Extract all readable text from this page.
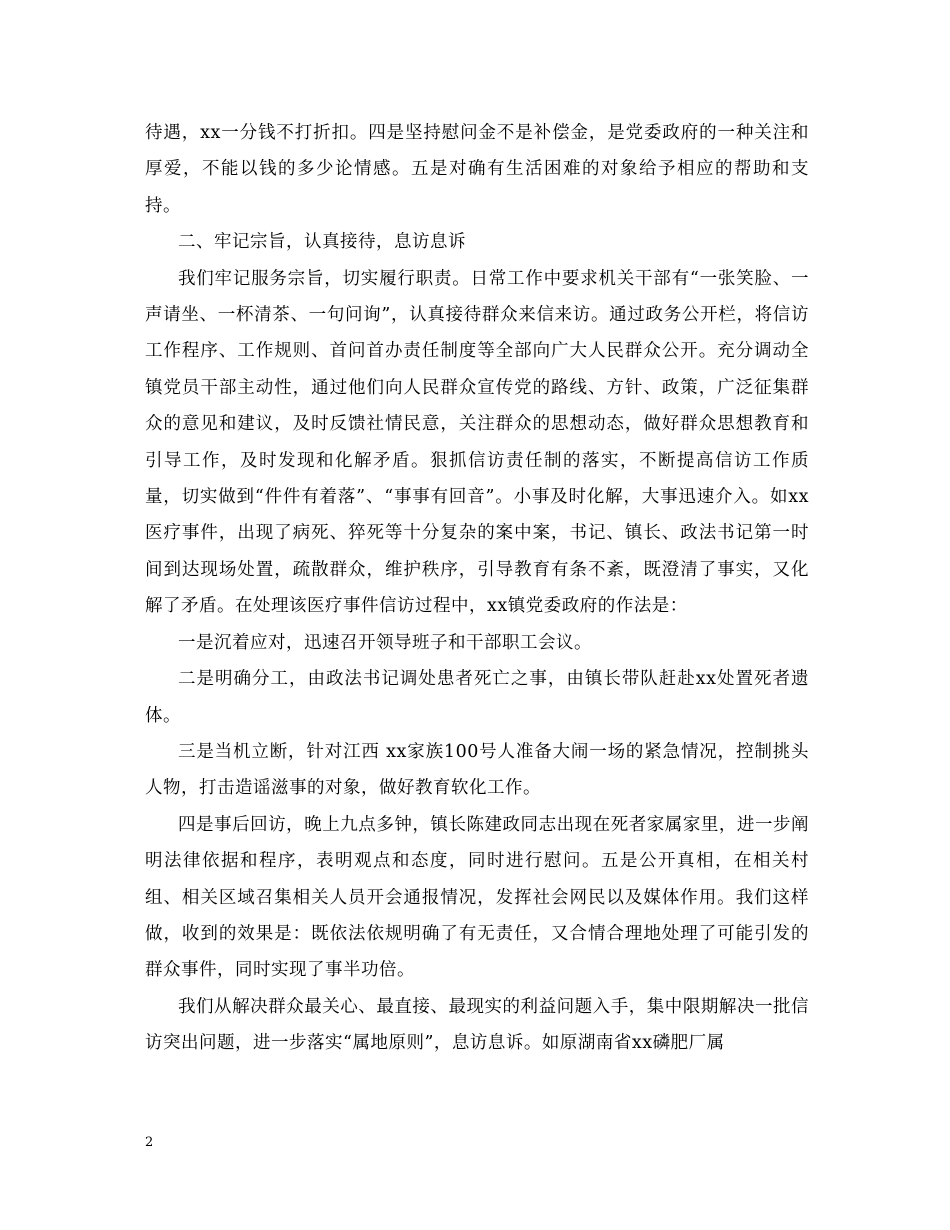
待遇，xx一分钱不打折扣。四是坚持慰问金不是补偿金，是党委政府的一种关注和厚爱，不能以钱的多少论情感。五是对确有生活困难的对象给予相应的帮助和支持。

二、牢记宗旨，认真接待，息访息诉

我们牢记服务宗旨，切实履行职责。日常工作中要求机关干部有“一张笑脸、一声请坐、一杯清茶、一句问询”，认真接待群众来信来访。通过政务公开栏，将信访工作程序、工作规则、首问首办责任制度等全部向广大人民群众公开。充分调动全镇党员干部主动性，通过他们向人民群众宣传党的路线、方针、政策，广泛征集群众的意见和建议，及时反馈社情民意，关注群众的思想动态，做好群众思想教育和引导工作，及时发现和化解矛盾。狠抓信访责任制的落实，不断提高信访工作质量，切实做到“件件有着落”、“事事有回音”。小事及时化解，大事迅速介入。如xx医疗事件，出现了病死、猝死等十分复杂的案中案，书记、镇长、政法书记第一时间到达现场处置，疏散群众，维护秩序，引导教育有条不紊，既澄清了事实，又化解了矛盾。在处理该医疗事件信访过程中，xx镇党委政府的作法是：

一是沉着应对，迅速召开领导班子和干部职工会议。

二是明确分工，由政法书记调处患者死亡之事，由镇长带队赶赴xx处置死者遗体。

三是当机立断，针对江西 xx家族100号人准备大闹一场的紧急情况，控制挑头人物，打击造谣滋事的对象，做好教育软化工作。

四是事后回访，晚上九点多钟，镇长陈建政同志出现在死者家属家里，进一步阐明法律依据和程序，表明观点和态度，同时进行慰问。五是公开真相，在相关村组、相关区域召集相关人员开会通报情况，发挥社会网民以及媒体作用。我们这样做，收到的效果是：既依法依规明确了有无责任，又合情合理地处理了可能引发的群众事件，同时实现了事半功倍。

我们从解决群众最关心、最直接、最现实的利益问题入手，集中限期解决一批信访突出问题，进一步落实“属地原则”，息访息诉。如原湖南省xx磷肥厂属

2
